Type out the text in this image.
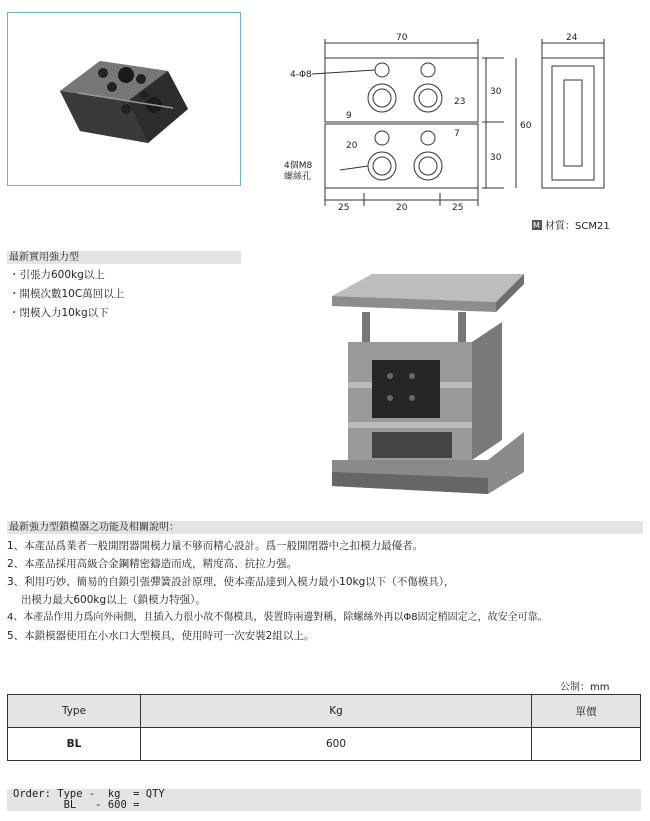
70	24
4-Φ8
30
30
60
23
9
20
7
4個M8
螺絲孔
25	20	25
M 材質：SCM21
最新實用強力型
・引張力600kg以上
・開模次數10C萬回以上
・閉模入力10kg以下
最新強力型鎖模器之功能及相關說明：
1、本產品爲業者一般開閉器開模力量不够而精心設計。爲一般開閉器中之扣模力最優者。
2、本產品採用高級合金鋼精密鑄造而成，精度高、抗拉力强。
3、利用巧妙、簡易的自鎖引張彈簧設計原理，使本產品達到入模力最小10kg以下（不傷模具），
　 出模力最大600kg以上（鎖模力特强）。
4、本產品作用力爲向外兩側，且插入力很小故不傷模具，裝置時兩邊對稱，除螺絲外再以Φ8固定梢固定之，故安全可靠。
5、本鎖模器使用在小水口大型模具，使用時可一次安裝2組以上。
公制：mm
Type	Kg	單價
BL	600	
Order: Type -  kg  = QTY
BL   - 600 =
